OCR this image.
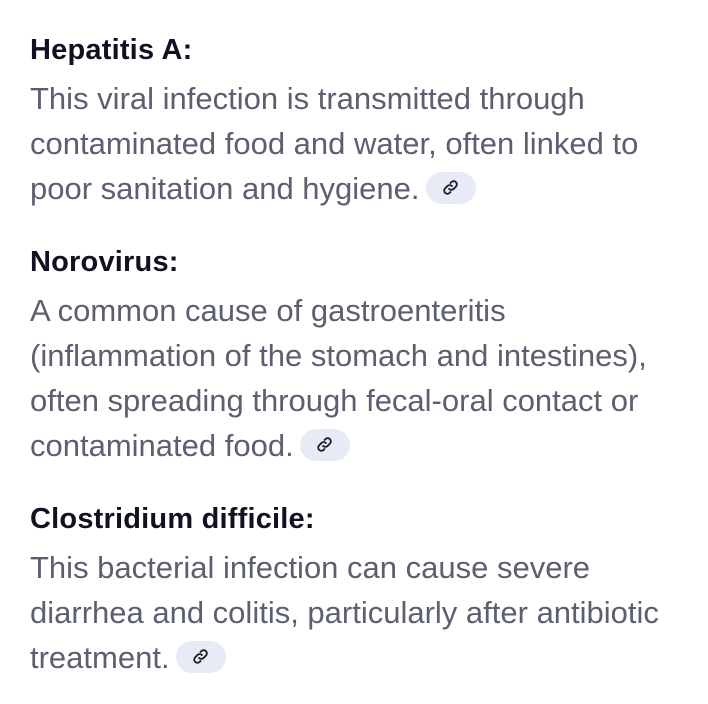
Hepatitis A:

This viral infection is transmitted through contaminated food and water, often linked to poor sanitation and hygiene.

Norovirus:

A common cause of gastroenteritis (inflammation of the stomach and intestines), often spreading through fecal-oral contact or contaminated food.

Clostridium difficile:

This bacterial infection can cause severe diarrhea and colitis, particularly after antibiotic treatment.
